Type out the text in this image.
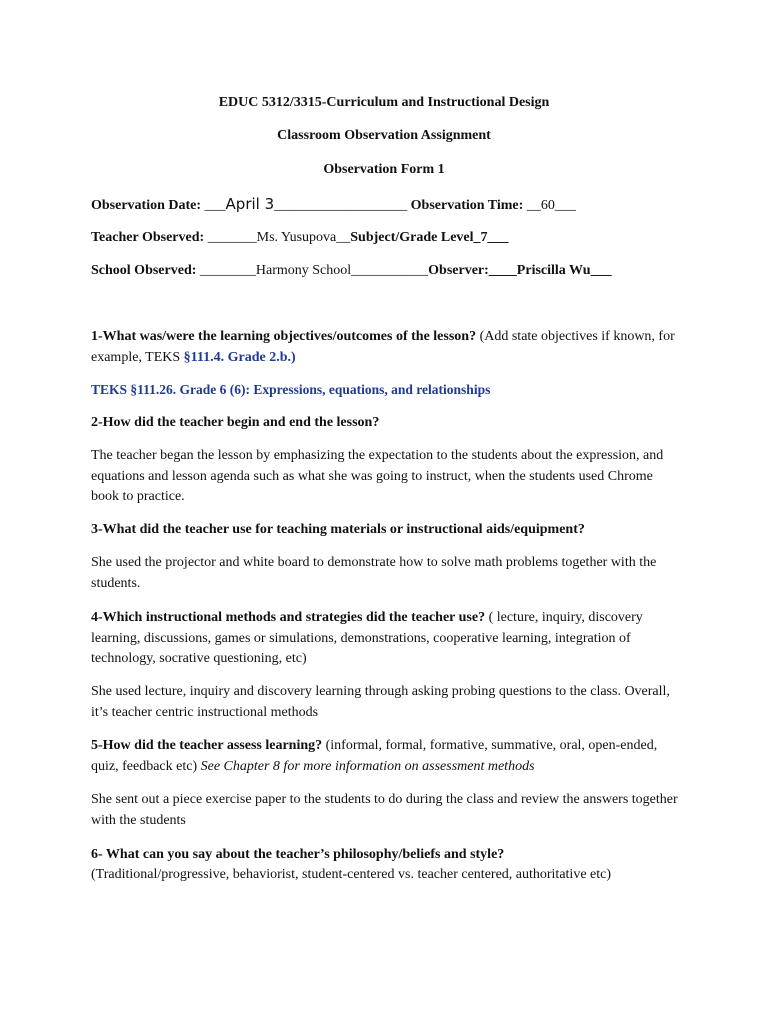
EDUC 5312/3315-Curriculum and Instructional Design
Classroom Observation Assignment
Observation Form 1
Observation Date: ___April 3___________________ Observation Time: __60___
Teacher Observed: _______Ms. Yusupova__Subject/Grade Level_7___
School Observed: ________Harmony School___________Observer:____Priscilla Wu___
1-What was/were the learning objectives/outcomes of the lesson? (Add state objectives if known, for example, TEKS §111.4. Grade 2.b.)
TEKS §111.26. Grade 6 (6): Expressions, equations, and relationships
2-How did the teacher begin and end the lesson?
The teacher began the lesson by emphasizing the expectation to the students about the expression, and equations and lesson agenda such as what she was going to instruct, when the students used Chrome book to practice.
3-What did the teacher use for teaching materials or instructional aids/equipment?
She used the projector and white board to demonstrate how to solve math problems together with the students.
4-Which instructional methods and strategies did the teacher use? ( lecture, inquiry, discovery learning, discussions, games or simulations, demonstrations, cooperative learning, integration of technology, socrative questioning, etc)
She used lecture, inquiry and discovery learning through asking probing questions to the class. Overall, it’s teacher centric instructional methods
5-How did the teacher assess learning? (informal, formal, formative, summative, oral, open-ended, quiz, feedback etc) See Chapter 8 for more information on assessment methods
She sent out a piece exercise paper to the students to do during the class and review the answers together with the students
6- What can you say about the teacher’s philosophy/beliefs and style?
(Traditional/progressive, behaviorist, student-centered vs. teacher centered, authoritative etc)
